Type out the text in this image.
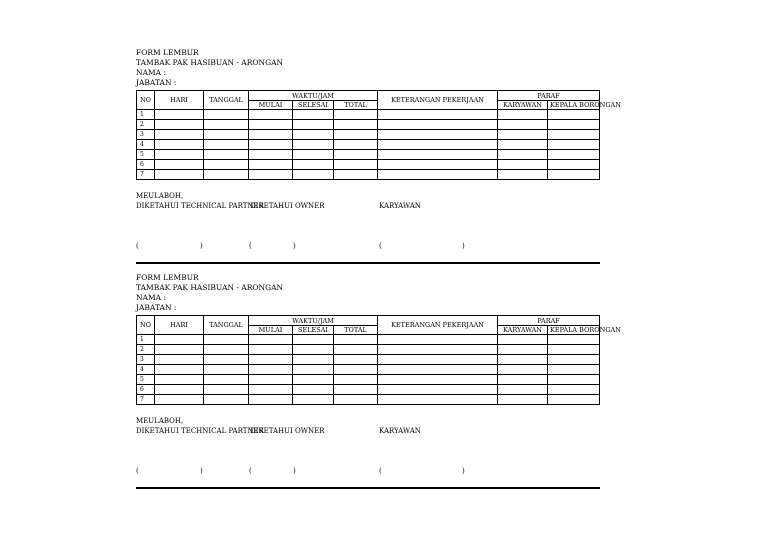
FORM LEMBUR
TAMBAK PAK HASIBUAN - ARONGAN
NAMA :
JABATAN :
NO	HARI	TANGGAL	WAKTU/JAM			KETERANGAN PEKERJAAN	PARAF	
			MULAI	SELESAI	TOTAL		KARYAWAN	KEPALA BORONGAN
1								
2								
3								
4								
5								
6								
7								
MEULABOH,
DIKETAHUI TECHNICAL PARTNER
DIKETAHUI OWNER	KARYAWAN
(	)	(	)	(	)
FORM LEMBUR
TAMBAK PAK HASIBUAN - ARONGAN
NAMA :
JABATAN :
NO	HARI	TANGGAL	WAKTU/JAM			KETERANGAN PEKERJAAN	PARAF	
			MULAI	SELESAI	TOTAL		KARYAWAN	KEPALA BORONGAN
1								
2								
3								
4								
5								
6								
7								
MEULABOH,
DIKETAHUI TECHNICAL PARTNER
DIKETAHUI OWNER	KARYAWAN
(	)	(	)	(	)
